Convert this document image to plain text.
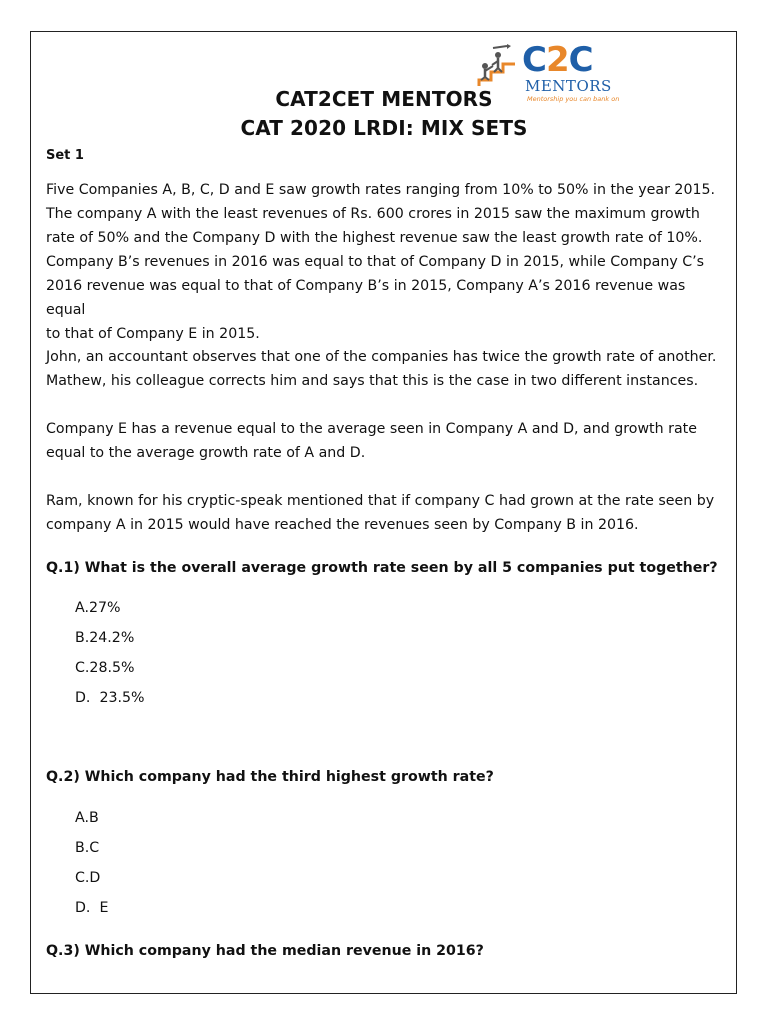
C2C
MENTORS
Mentorship you can bank on
CAT2CET MENTORS
CAT 2020 LRDI: MIX SETS
Set 1
Five Companies A, B, C, D and E saw growth rates ranging from 10% to 50% in the year 2015.
The company A with the least revenues of Rs. 600 crores in 2015 saw the maximum growth
rate of 50% and the Company D with the highest revenue saw the least growth rate of 10%.
Company B’s revenues in 2016 was equal to that of Company D in 2015, while Company C’s
2016 revenue was equal to that of Company B’s in 2015, Company A’s 2016 revenue was equal
to that of Company E in 2015.
John, an accountant observes that one of the companies has twice the growth rate of another.
Mathew, his colleague corrects him and says that this is the case in two different instances.
Company E has a revenue equal to the average seen in Company A and D, and growth rate
equal to the average growth rate of A and D.
Ram, known for his cryptic-speak mentioned that if company C had grown at the rate seen by
company A in 2015 would have reached the revenues seen by Company B in 2016.
Q.1) What is the overall average growth rate seen by all 5 companies put together?
A.27%
B.24.2%
C.28.5%
D.  23.5%
Q.2) Which company had the third highest growth rate?
A.B
B.C
C.D
D.  E
Q.3) Which company had the median revenue in 2016?
